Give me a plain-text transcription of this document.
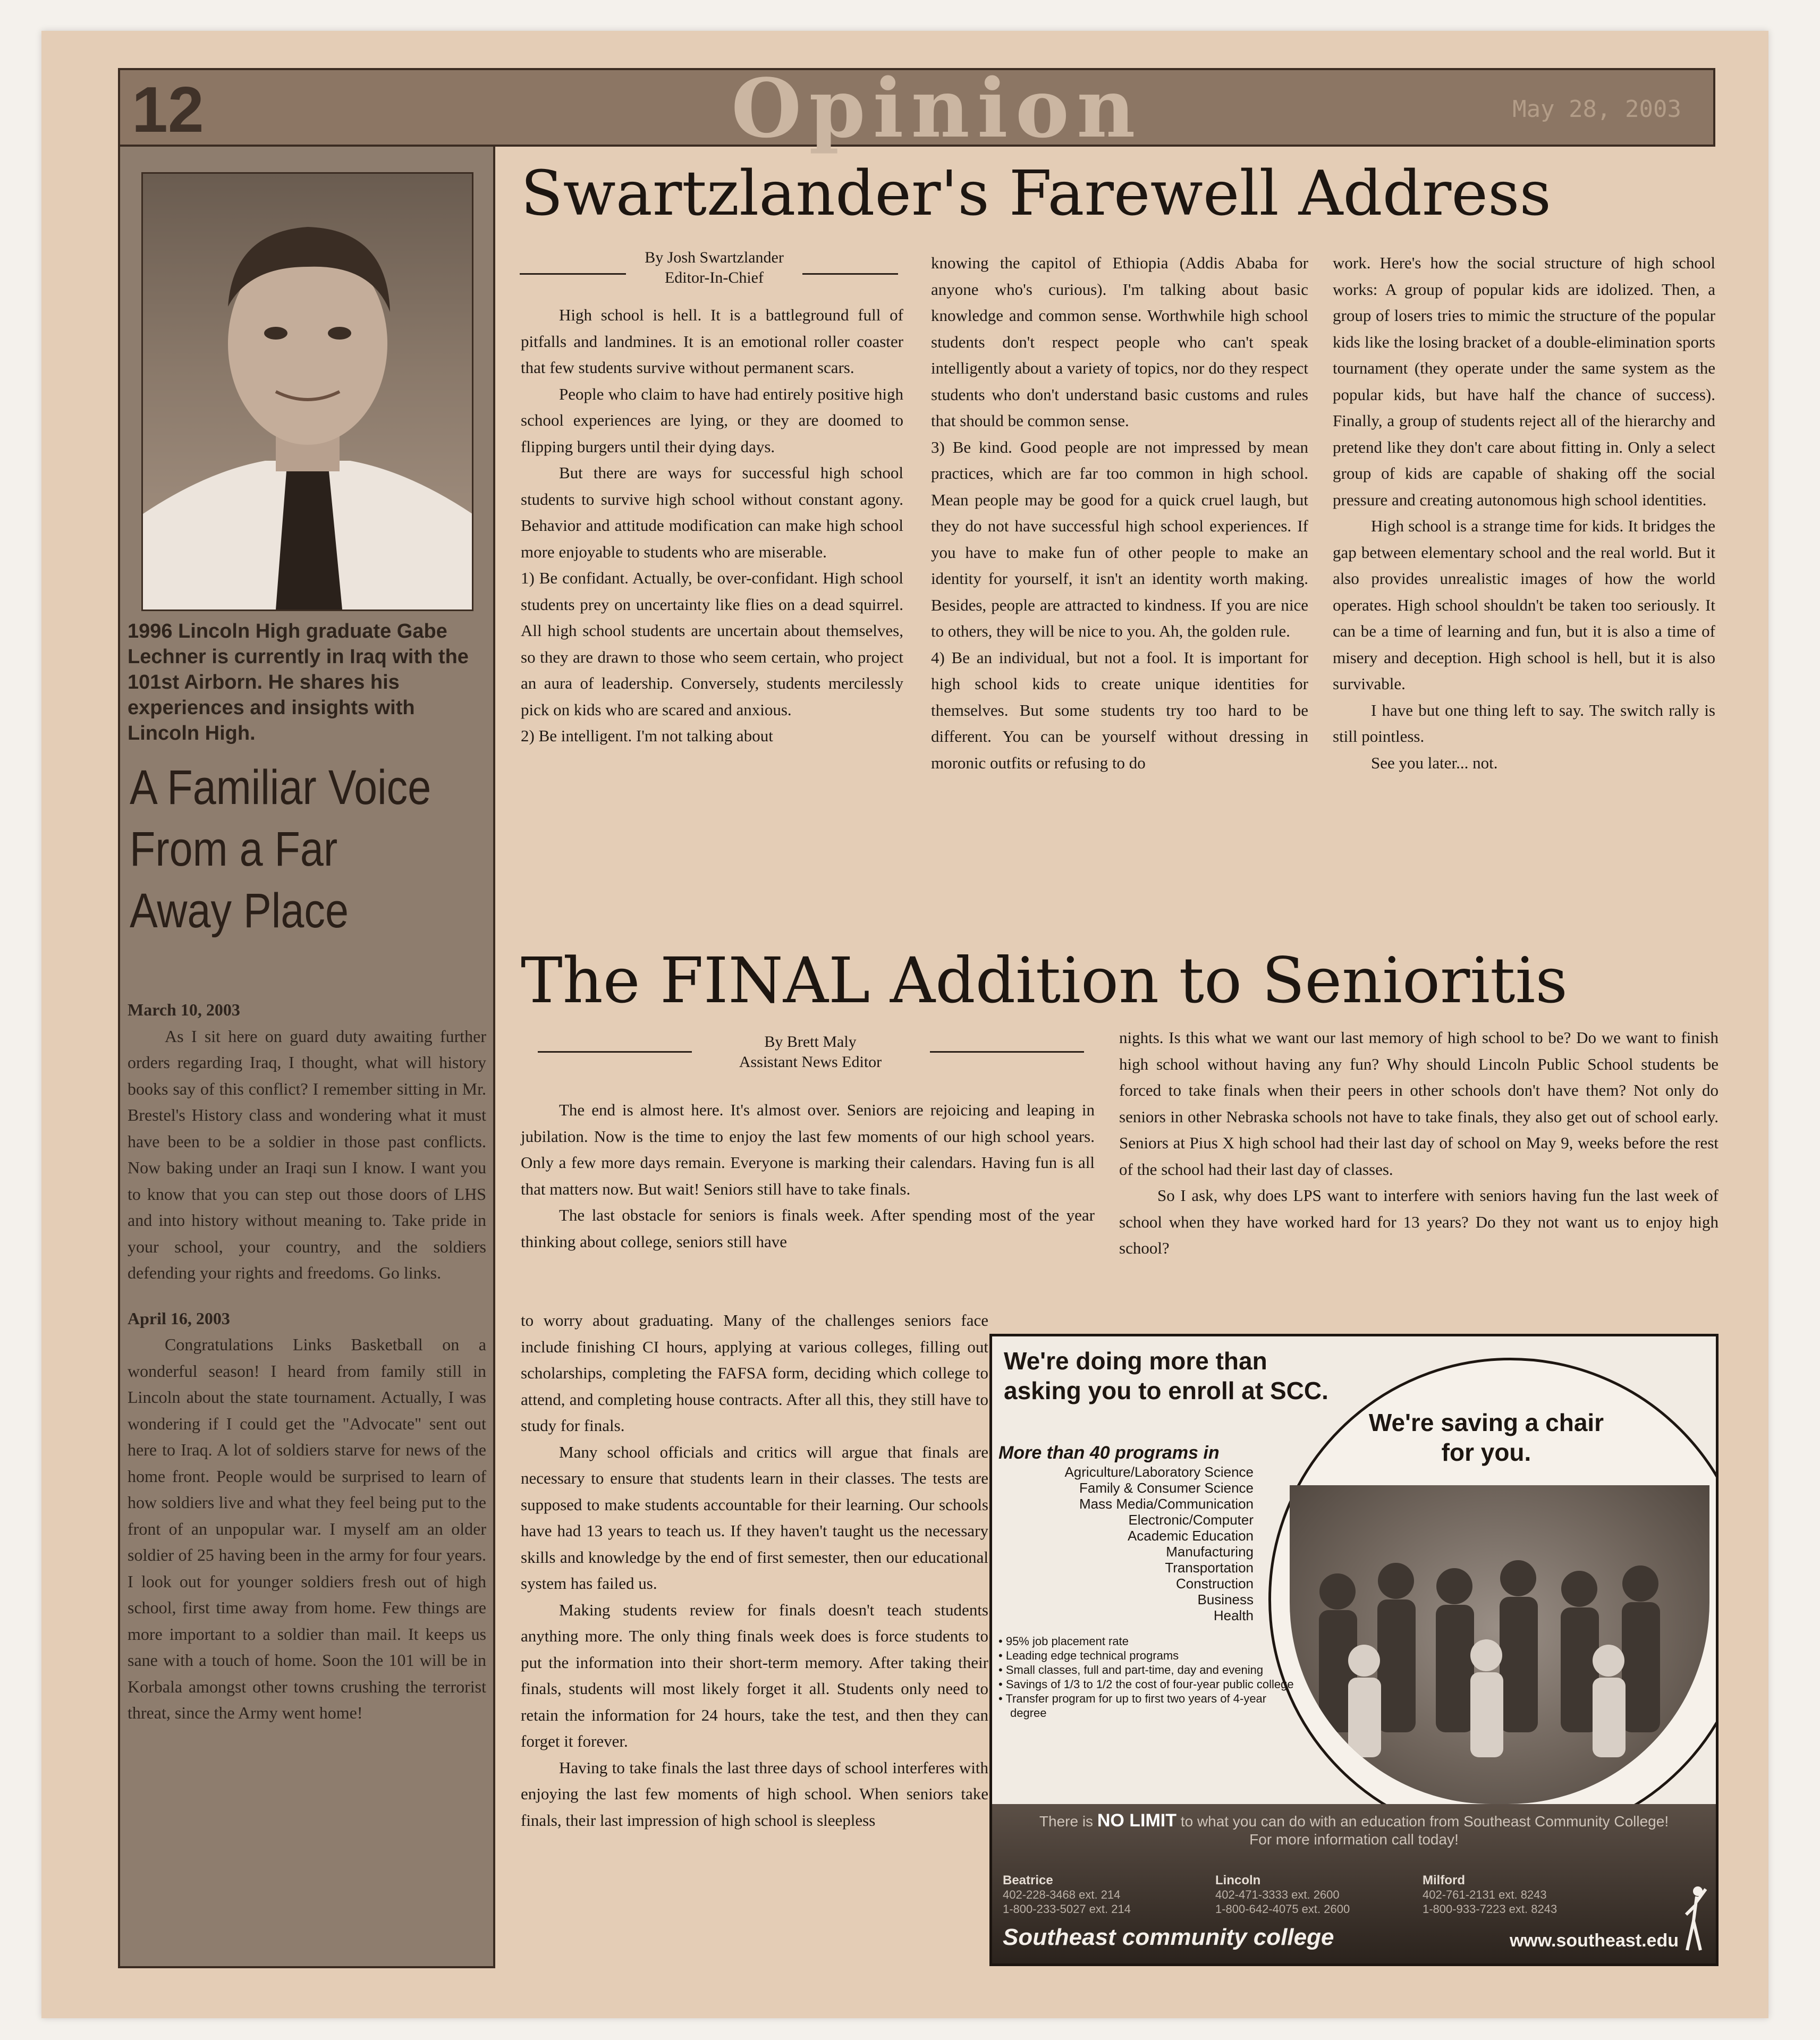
12	Opinion	May 28, 2003
1996 Lincoln High graduate Gabe Lechner is currently in Iraq with the 101st Airborn. He shares his experiences and insights with Lincoln High.
A Familiar Voice From a Far Away Place
March 10, 2003

As I sit here on guard duty awaiting further orders regarding Iraq, I thought, what will history books say of this conflict? I remember sitting in Mr. Brestel's History class and wondering what it must have been to be a soldier in those past conflicts. Now baking under an Iraqi sun I know. I want you to know that you can step out those doors of LHS and into history without meaning to. Take pride in your school, your country, and the soldiers defending your rights and freedoms. Go links.

April 16, 2003

Congratulations Links Basketball on a wonderful season! I heard from family still in Lincoln about the state tournament. Actually, I was wondering if I could get the "Advocate" sent out here to Iraq. A lot of soldiers starve for news of the home front. People would be surprised to learn of how soldiers live and what they feel being put to the front of an unpopular war. I myself am an older soldier of 25 having been in the army for four years. I look out for younger soldiers fresh out of high school, first time away from home. Few things are more important to a soldier than mail. It keeps us sane with a touch of home. Soon the 101 will be in Korbala amongst other towns crushing the terrorist threat, since the Army went home!

Swartzlander's Farewell Address
By Josh Swartzlander
Editor-In-Chief

High school is hell. It is a battleground full of pitfalls and landmines. It is an emotional roller coaster that few students survive without permanent scars.

People who claim to have had entirely positive high school experiences are lying, or they are doomed to flipping burgers until their dying days.

But there are ways for successful high school students to survive high school without constant agony. Behavior and attitude modification can make high school more enjoyable to students who are miserable.

1) Be confidant. Actually, be over-confidant. High school students prey on uncertainty like flies on a dead squirrel. All high school students are uncertain about themselves, so they are drawn to those who seem certain, who project an aura of leadership. Conversely, students mercilessly pick on kids who are scared and anxious.

2) Be intelligent. I'm not talking about

knowing the capitol of Ethiopia (Addis Ababa for anyone who's curious). I'm talking about basic knowledge and common sense. Worthwhile high school students don't respect people who can't speak intelligently about a variety of topics, nor do they respect students who don't understand basic customs and rules that should be common sense.

3) Be kind. Good people are not impressed by mean practices, which are far too common in high school. Mean people may be good for a quick cruel laugh, but they do not have successful high school experiences. If you have to make fun of other people to make an identity for yourself, it isn't an identity worth making. Besides, people are attracted to kindness. If you are nice to others, they will be nice to you. Ah, the golden rule.

4) Be an individual, but not a fool. It is important for high school kids to create unique identities for themselves. But some students try too hard to be different. You can be yourself without dressing in moronic outfits or refusing to do

work. Here's how the social structure of high school works: A group of popular kids are idolized. Then, a group of losers tries to mimic the structure of the popular kids like the losing bracket of a double-elimination sports tournament (they operate under the same system as the popular kids, but have half the chance of success). Finally, a group of students reject all of the hierarchy and pretend like they don't care about fitting in. Only a select group of kids are capable of shaking off the social pressure and creating autonomous high school identities.

High school is a strange time for kids. It bridges the gap between elementary school and the real world. But it also provides unrealistic images of how the world operates. High school shouldn't be taken too seriously. It can be a time of learning and fun, but it is also a time of misery and deception. High school is hell, but it is also survivable.

I have but one thing left to say. The switch rally is still pointless.

See you later... not.

The FINAL Addition to Senioritis
By Brett Maly
Assistant News Editor

The end is almost here. It's almost over. Seniors are rejoicing and leaping in jubilation. Now is the time to enjoy the last few moments of our high school years. Only a few more days remain. Everyone is marking their calendars. Having fun is all that matters now. But wait! Seniors still have to take finals.

The last obstacle for seniors is finals week. After spending most of the year thinking about college, seniors still have

to worry about graduating. Many of the challenges seniors face include finishing CI hours, applying at various colleges, filling out scholarships, completing the FAFSA form, deciding which college to attend, and completing house contracts. After all this, they still have to study for finals.

Many school officials and critics will argue that finals are necessary to ensure that students learn in their classes. The tests are supposed to make students accountable for their learning. Our schools have had 13 years to teach us. If they haven't taught us the necessary skills and knowledge by the end of first semester, then our educational system has failed us.

Making students review for finals doesn't teach students anything more. The only thing finals week does is force students to put the information into their short-term memory. After taking their finals, students will most likely forget it all. Students only need to retain the information for 24 hours, take the test, and then they can forget it forever.

Having to take finals the last three days of school interferes with enjoying the last few moments of high school. When seniors take finals, their last impression of high school is sleepless

nights. Is this what we want our last memory of high school to be? Do we want to finish high school without having any fun? Why should Lincoln Public School students be forced to take finals when their peers in other schools don't have them? Not only do seniors in other Nebraska schools not have to take finals, they also get out of school early. Seniors at Pius X high school had their last day of school on May 9, weeks before the rest of the school had their last day of classes.

So I ask, why does LPS want to interfere with seniors having fun the last week of school when they have worked hard for 13 years? Do they not want us to enjoy high school?

We're doing more than asking you to enroll at SCC.
We're saving a chair for you.
More than 40 programs in
Agriculture/Laboratory Science
Family & Consumer Science
Mass Media/Communication
Electronic/Computer
Academic Education
Manufacturing
Transportation
Construction
Business
Health
• 95% job placement rate
• Leading edge technical programs
• Small classes, full and part-time, day and evening
• Savings of 1/3 to 1/2 the cost of four-year public college
• Transfer program for up to first two years of 4-year degree
There is NO LIMIT to what you can do with an education from Southeast Community College!
For more information call today!
Beatrice
402-228-3468 ext. 214
1-800-233-5027 ext. 214
Lincoln
402-471-3333 ext. 2600
1-800-642-4075 ext. 2600
Milford
402-761-2131 ext. 8243
1-800-933-7223 ext. 8243
Southeast community college	www.southeast.edu
